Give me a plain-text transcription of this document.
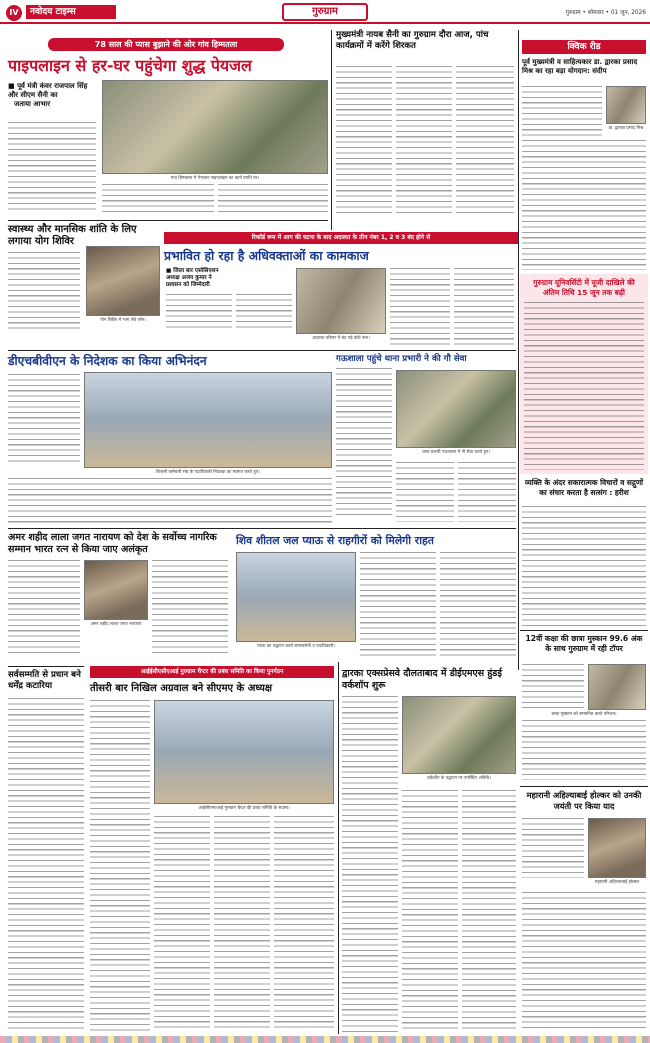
IV	नवोदय टाइम्स	गुरुग्राम	गुरुग्राम • सोमवार • 01 जून, 2026
78 साल की प्यास बुझाने की ओर गांव हिम्मतला
पाइपलाइन से हर-घर पहुंचेगा शुद्ध पेयजल
■ पूर्व मंत्री कंवर राजपाल सिंह और सीएम सैनी का
जताया आभार
गांव हिम्मतला में पेयजल पाइपलाइन का कार्य प्रगति पर।
मुख्यमंत्री नायब सैनी का गुरुग्राम दौरा आज, पांच कार्यक्रमों में करेंगे शिरकत	क्विक रीड
पूर्व मुख्यमंत्री व साहित्यकार डा. द्वारका प्रसाद मिश्र का रहा बड़ा योगदान: संदीप
डा. द्वारका प्रसाद मिश्र
स्वास्थ्य और मानसिक शांति के लिए लगाया योग शिविर
योग शिविर में भाग लेते लोग।
रिकॉर्ड रूम में आग की घटना के बाद अदालत के तीन नंबर 1, 2 व 3 बंद होने से
प्रभावित हो रहा है अधिवक्ताओं का कामकाज
■ जिला बार एसोसिएशन
अध्यक्ष अजय कुमार ने
प्रशासन को जिम्मेदारी
अदालत परिसर में बंद पड़े कोर्ट रूम।
गुरुग्राम यूनिवर्सिटी में यूजी दाखिले की अंतिम तिथि 15 जून तक बढ़ी
डीएचबीवीएन के निदेशक का किया अभिनंदन
बिजली कर्मचारी संघ के पदाधिकारी निदेशक का स्वागत करते हुए।
गऊशाला पहुंचे थाना प्रभारी ने की गौ सेवा
थाना प्रभारी गऊशाला में गौ सेवा करते हुए।
व्यक्ति के अंदर सकारात्मक विचारों व सद्गुणों का संचार करता है सत्संग : हरीश
अमर शहीद लाला जगत नारायण को देश के सर्वोच्च नागरिक सम्मान भारत रत्न से किया जाए अलंकृत
अमर शहीद लाला जगत नारायण
शिव शीतल जल प्याऊ से राहगीरों को मिलेगी राहत
प्याऊ का उद्घाटन करते समाजसेवी व पदाधिकारी।
12वीं कक्षा की छात्रा मुस्कान 99.6 अंक के साथ गुरुग्राम में रही टॉपर
छात्रा मुस्कान को सम्मानित करते परिजन।
सर्वसम्मति से प्रधान बने धर्मेंद्र कटारिया
आईईसीएसीएआई गुरुग्राम चैप्टर की प्रबंध समिति का किया पुनर्गठन
तीसरी बार निखिल अग्रवाल बने सीएमए के अध्यक्ष
आईसीएमएआई गुरुग्राम चैप्टर की प्रबंध समिति के सदस्य।
द्वारका एक्सप्रेसवे दौलताबाद में डीईएमएस हुंडई वर्कशॉप शुरू
वर्कशॉप के उद्घाटन पर उपस्थित अतिथि।
महारानी अहिल्याबाई होल्कर को उनकी जयंती पर किया याद
महारानी अहिल्याबाई होल्कर
